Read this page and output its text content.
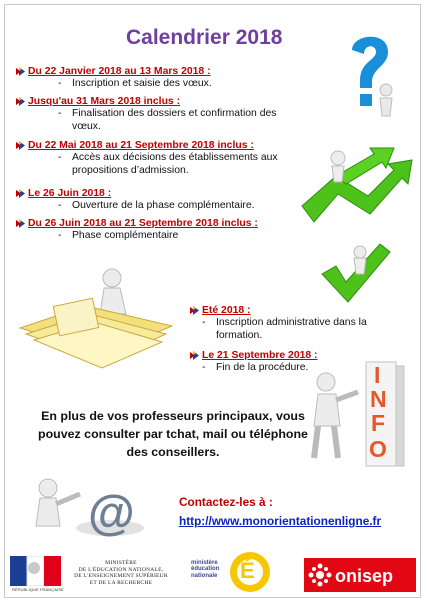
Calendrier 2018
Du 22 Janvier 2018 au 13 Mars 2018 :
- Inscription et saisie des vœux.
Jusqu'au 31 Mars 2018 inclus :
- Finalisation des dossiers et confirmation des
vœux.
Du 22 Mai 2018 au 21 Septembre 2018 inclus :
- Accès aux décisions des établissements aux
propositions d’admission.
Le 26 Juin 2018 :
- Ouverture de la phase complémentaire.
Du 26 Juin 2018 au 21 Septembre 2018 inclus :
- Phase complémentaire
Eté 2018 :
- Inscription administrative dans la
formation.
Le 21 Septembre 2018 :
- Fin de la procédure.	I
N
F
O
@
En plus de vos professeurs principaux, vous
pouvez consulter par tchat, mail ou téléphone
des conseillers.
Contactez-les à :
http://www.monorientationenligne.fr
RÉPUBLIQUE FRANÇAISE
MINISTÈRE
DE L'ÉDUCATION NATIONALE,
DE L'ENSEIGNEMENT SUPÉRIEUR
ET DE LA RECHERCHE
ministère
éducation
nationale É	onisep
